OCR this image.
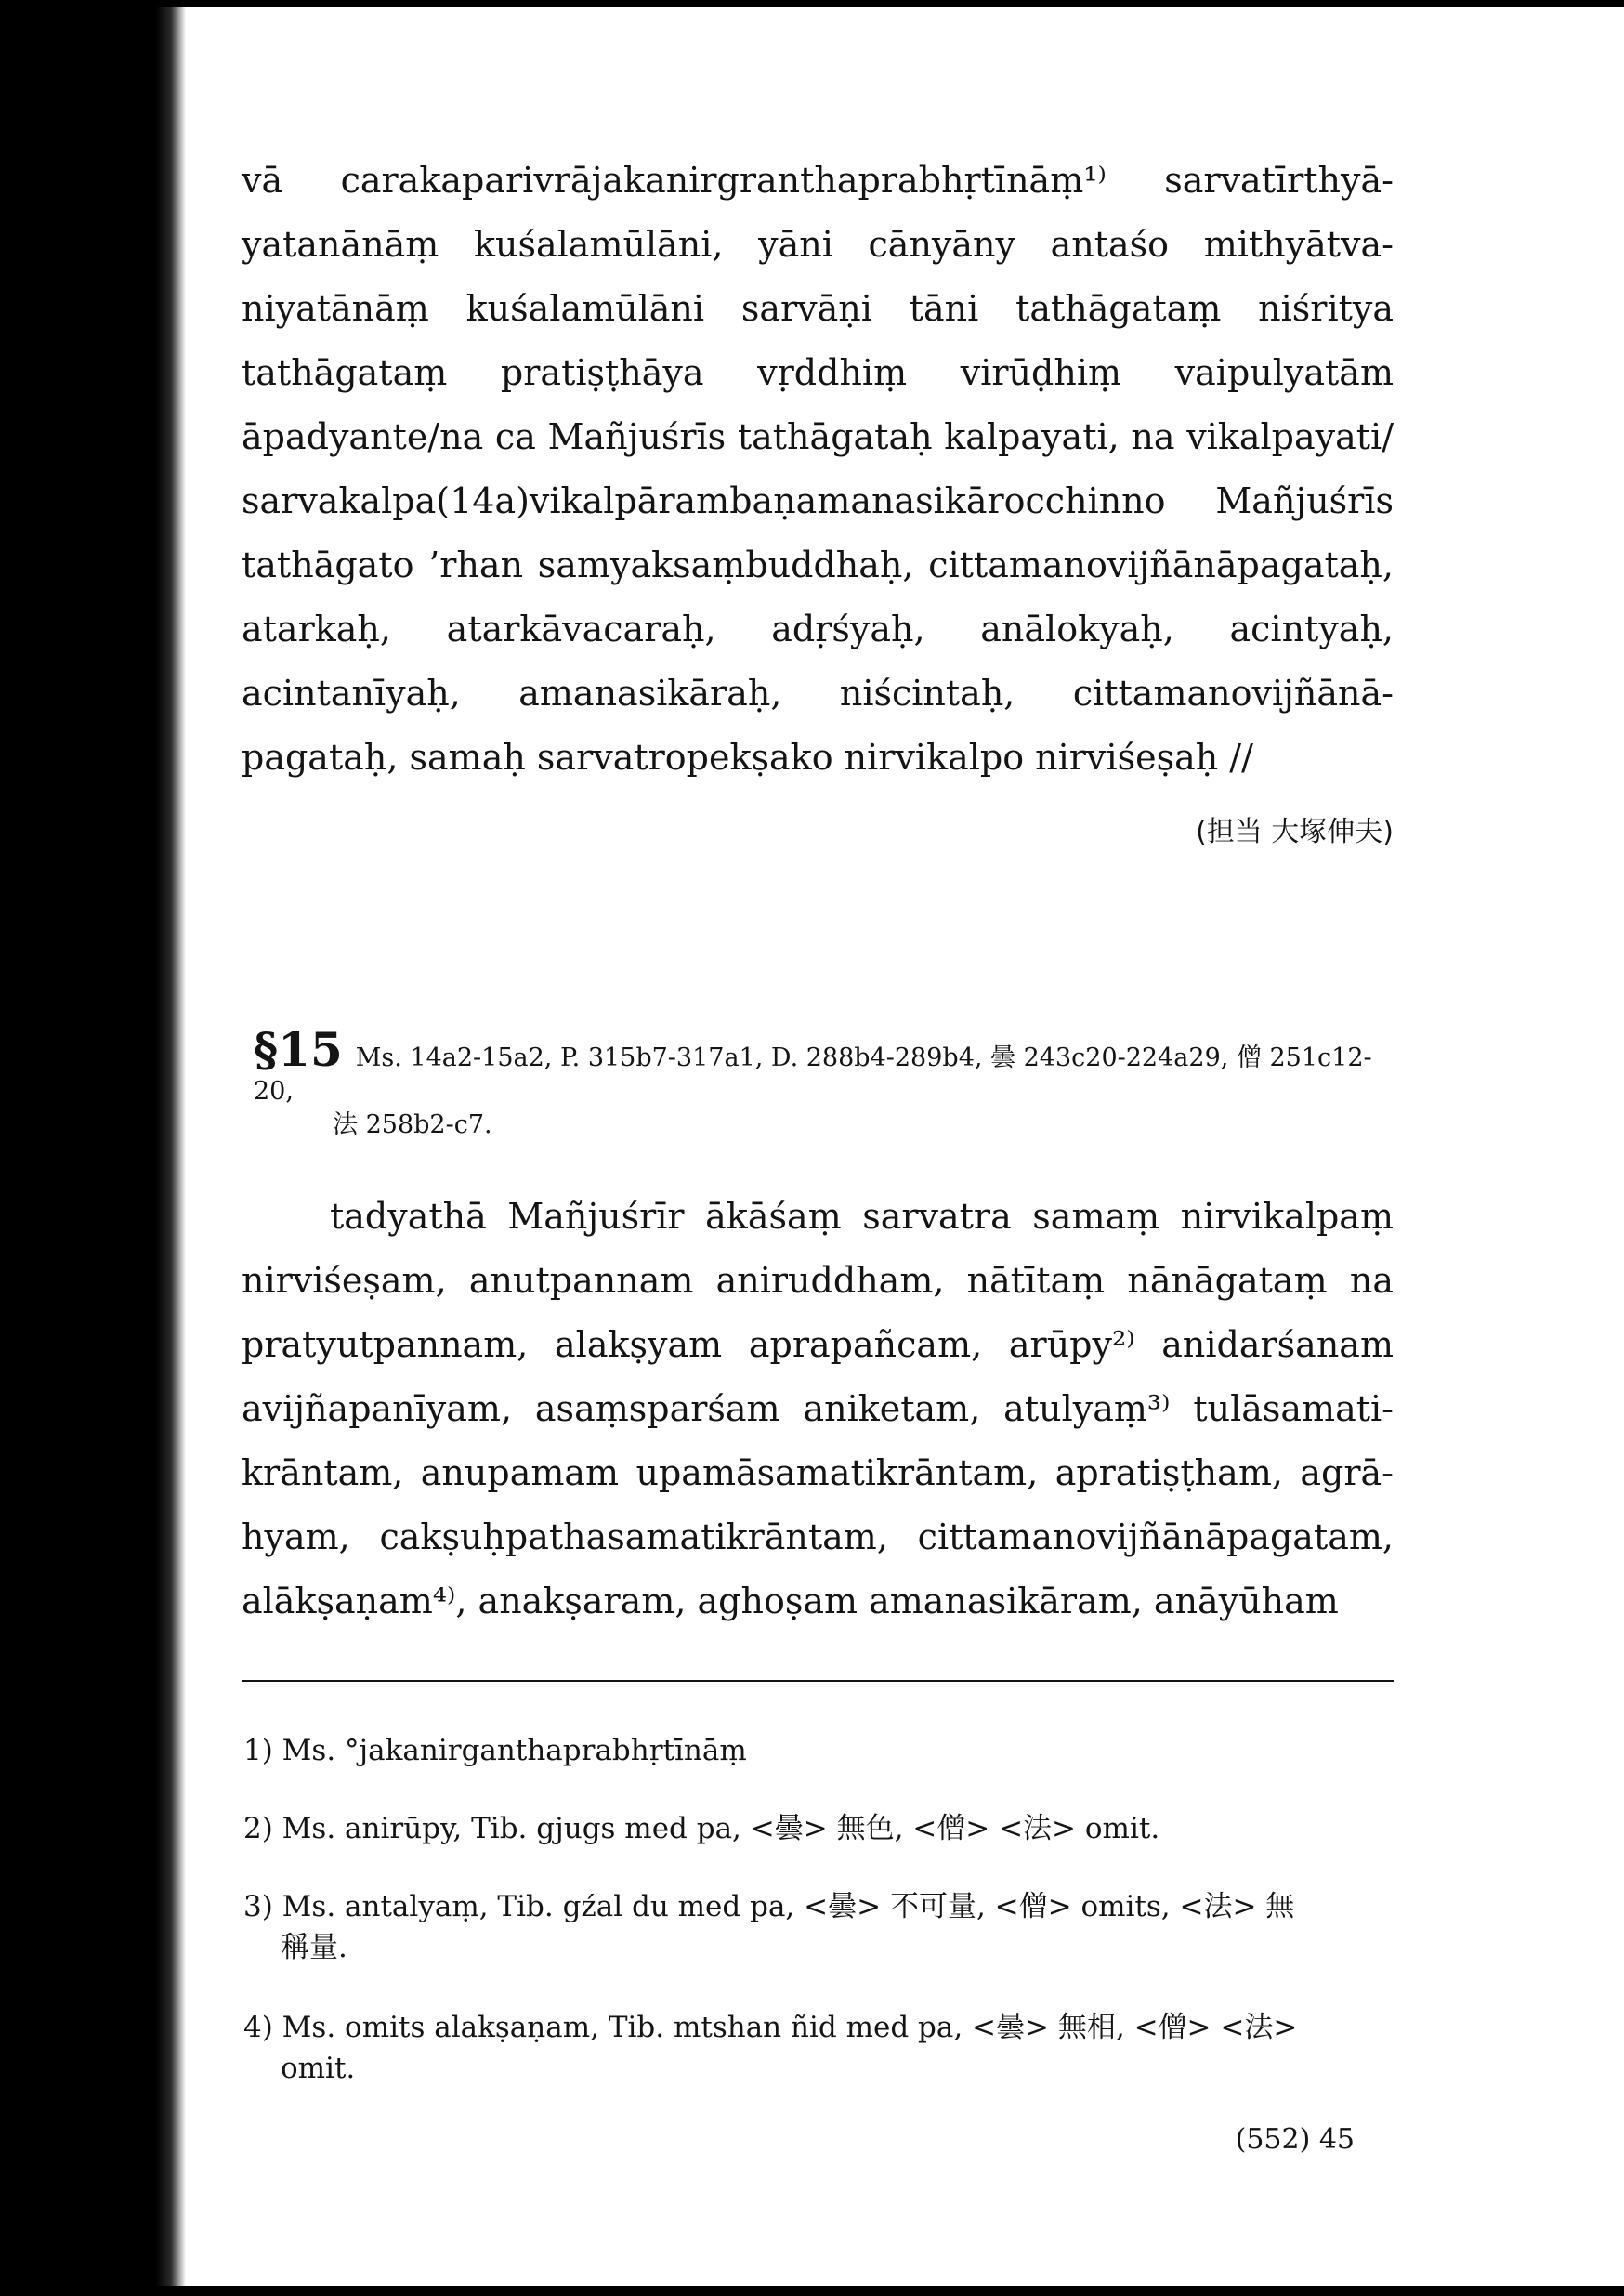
vā carakaparivrājakanirgranthaprabhṛtīnāṃ¹⁾ sarvatīrthyā-
yatanānāṃ kuśalamūlāni, yāni cānyāny antaśo mithyātva-
niyatānāṃ kuśalamūlāni sarvāṇi tāni tathāgataṃ niśritya
tathāgataṃ pratiṣṭhāya vṛddhiṃ virūḍhiṃ vaipulyatām
āpadyante/na ca Mañjuśrīs tathāgataḥ kalpayati, na vikalpayati/
sarvakalpa(14a)vikalpārambaṇamanasikārocchinno Mañjuśrīs
tathāgato ’rhan samyaksaṃbuddhaḥ, cittamanovijñānāpagataḥ,
atarkaḥ, atarkāvacaraḥ, adṛśyaḥ, anālokyaḥ, acintyaḥ,
acintanīyaḥ, amanasikāraḥ, niścintaḥ, cittamanovijñānā-
pagataḥ, samaḥ sarvatropekṣako nirvikalpo nirviśeṣaḥ //
(担当 大塚伸夫)
§15 Ms. 14a2-15a2, P. 315b7-317a1, D. 288b4-289b4, 曇 243c20-224a29, 僧 251c12-20,
法 258b2-c7.
tadyathā Mañjuśrīr ākāśaṃ sarvatra samaṃ nirvikalpaṃ
nirviśeṣam, anutpannam aniruddham, nātītaṃ nānāgataṃ na
pratyutpannam, alakṣyam aprapañcam, arūpy²⁾ anidarśanam
avijñapanīyam, asaṃsparśam aniketam, atulyaṃ³⁾ tulāsamati-
krāntam, anupamam upamāsamatikrāntam, apratiṣṭham, agrā-
hyam, cakṣuḥpathasamatikrāntam, cittamanovijñānāpagatam,
alākṣaṇam⁴⁾, anakṣaram, aghoṣam amanasikāram, anāyūham
1) Ms. °jakanirganthaprabhṛtīnāṃ
2) Ms. anirūpy, Tib. gjugs med pa, <曇> 無色, <僧> <法> omit.
3) Ms. antalyaṃ, Tib. gźal du med pa, <曇> 不可量, <僧> omits, <法> 無
稱量.
4) Ms. omits alakṣaṇam, Tib. mtshan ñid med pa, <曇> 無相, <僧> <法>
omit.
(552) 45
